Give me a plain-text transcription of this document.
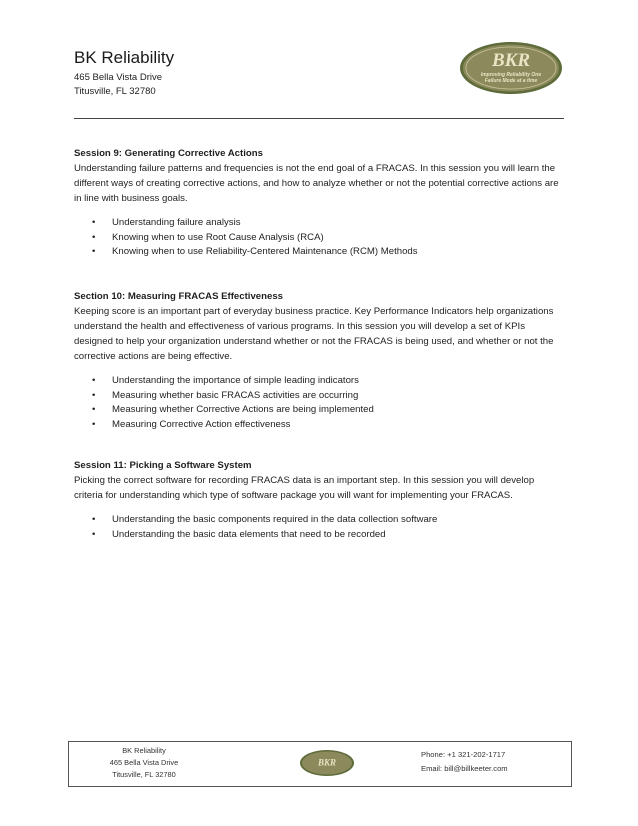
BK Reliability
465 Bella Vista Drive
Titusville, FL 32780
BKR
Improving Reliability One
Failure Mode at a time
Session 9: Generating Corrective Actions
Understanding failure patterns and frequencies is not the end goal of a FRACAS. In this session you will learn the different ways of creating corrective actions, and how to analyze whether or not the potential corrective actions are in line with business goals.
• Understanding failure analysis
• Knowing when to use Root Cause Analysis (RCA)
• Knowing when to use Reliability-Centered Maintenance (RCM) Methods
Section 10: Measuring FRACAS Effectiveness
Keeping score is an important part of everyday business practice. Key Performance Indicators help organizations understand the health and effectiveness of various programs. In this session you will develop a set of KPIs designed to help your organization understand whether or not the FRACAS is being used, and whether or not the corrective actions are being effective.
• Understanding the importance of simple leading indicators
• Measuring whether basic FRACAS activities are occurring
• Measuring whether Corrective Actions are being implemented
• Measuring Corrective Action effectiveness
Session 11: Picking a Software System
Picking the correct software for recording FRACAS data is an important step. In this session you will develop criteria for understanding which type of software package you will want for implementing your FRACAS.
• Understanding the basic components required in the data collection software
• Understanding the basic data elements that need to be recorded
BK Reliability
465 Bella Vista Drive
Titusville, FL 32780
BKR
Phone: +1 321-202-1717
Email: bill@billkeeter.com
